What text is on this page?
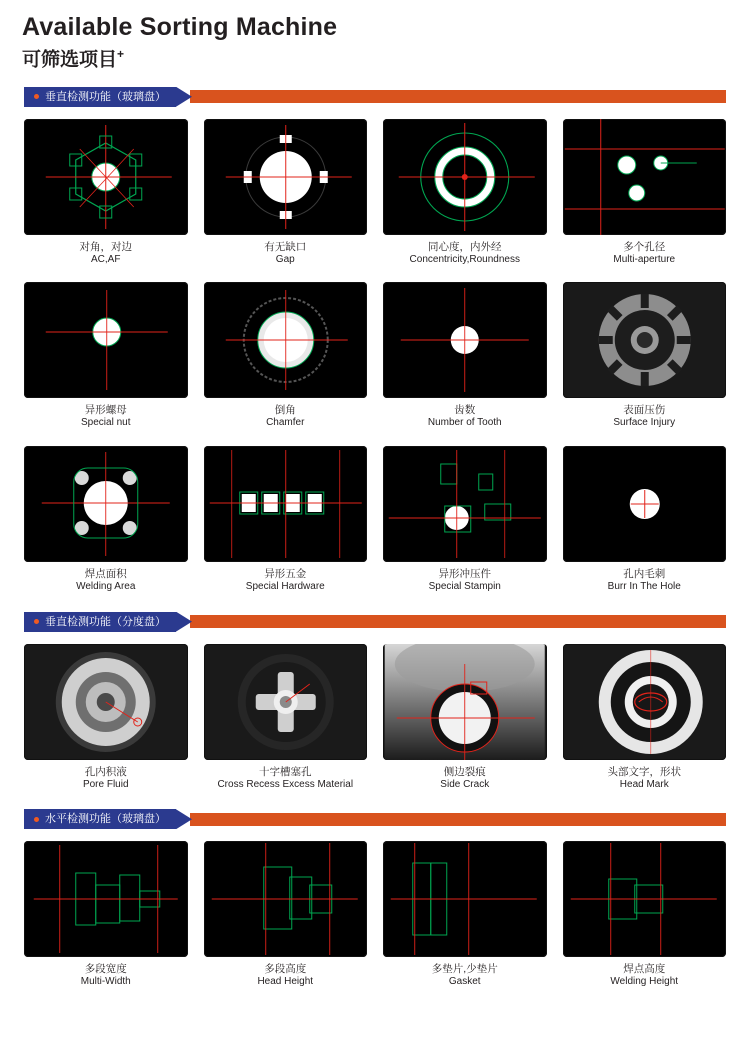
Available Sorting Machine
可筛选项目+
垂直检测功能（玻璃盘）
对角，对边
AC,AF
有无缺口
Gap
同心度，内外经
Concentricity,Roundness
多个孔径
Multi-aperture
异形螺母
Special nut
倒角
Chamfer
齿数
Number of Tooth
表面压伤
Surface Injury
焊点面积
Welding Area
异形五金
Special Hardware
异形冲压件
Special Stampin
孔内毛刺
Burr In The Hole
垂直检测功能（分度盘）
孔内积液
Pore Fluid
十字槽塞孔
Cross Recess Excess Material
侧边裂痕
Side Crack
头部文字，形状
Head Mark
水平检测功能（玻璃盘）
多段宽度
Multi-Width
多段高度
Head Height
多垫片,少垫片
Gasket
焊点高度
Welding Height
